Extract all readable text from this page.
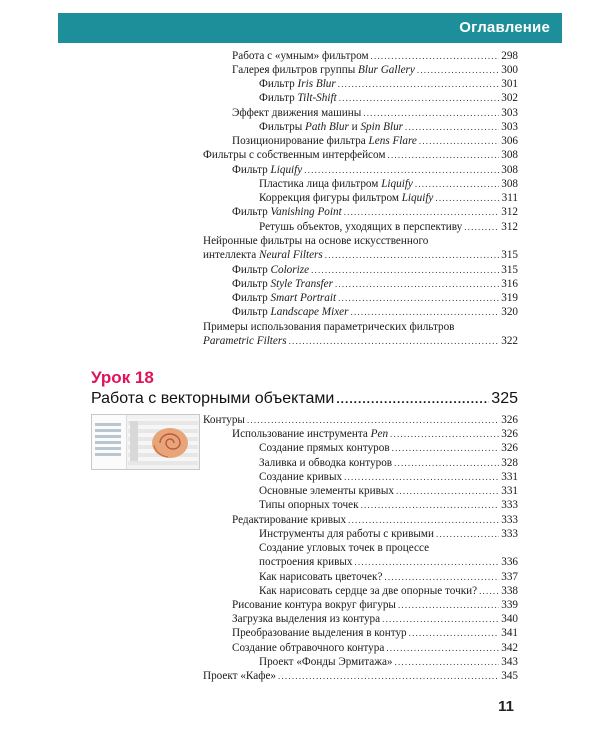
Оглавление
Работа с «умным» фильтром .....	298
Галерея фильтров группы Blur Gallery .....	300
Фильтр Iris Blur .....	301
Фильтр Tilt-Shift .....	302
Эффект движения машины .....	303
Фильтры Path Blur и Spin Blur .....	303
Позиционирование фильтра Lens Flare .....	306
Фильтры с собственным интерфейсом .....	308
Фильтр Liquify .....	308
Пластика лица фильтром Liquify .....	308
Коррекция фигуры фильтром Liquify .....	311
Фильтр Vanishing Point .....	312
Ретушь объектов, уходящих в перспективу .....	312
Нейронные фильтры на основе искусственного
интеллекта Neural Filters .....	315
Фильтр Colorize .....	315
Фильтр Style Transfer .....	316
Фильтр Smart Portrait .....	319
Фильтр Landscape Mixer .....	320
Примеры использования параметрических фильтров
Parametric Filters .....	322
Контуры .....	326
Использование инструмента Pen .....	326
Создание прямых контуров .....	326
Заливка и обводка контуров .....	328
Создание кривых .....	331
Основные элементы кривых .....	331
Типы опорных точек .....	333
Редактирование кривых .....	333
Инструменты для работы с кривыми .....	333
Создание угловых точек в процессе
построения кривых .....	336
Как нарисовать цветочек? .....	337
Как нарисовать сердце за две опорные точки? ..... 338
Рисование контура вокруг фигуры .....	339
Загрузка выделения из контура .....	340
Преобразование выделения в контур .....	341
Создание обтравочного контура .....	342
Проект «Фонды Эрмитажа» .....	343
Проект «Кафе» .....	345
Урок 18
Работа с векторными объектами .....	325
11
